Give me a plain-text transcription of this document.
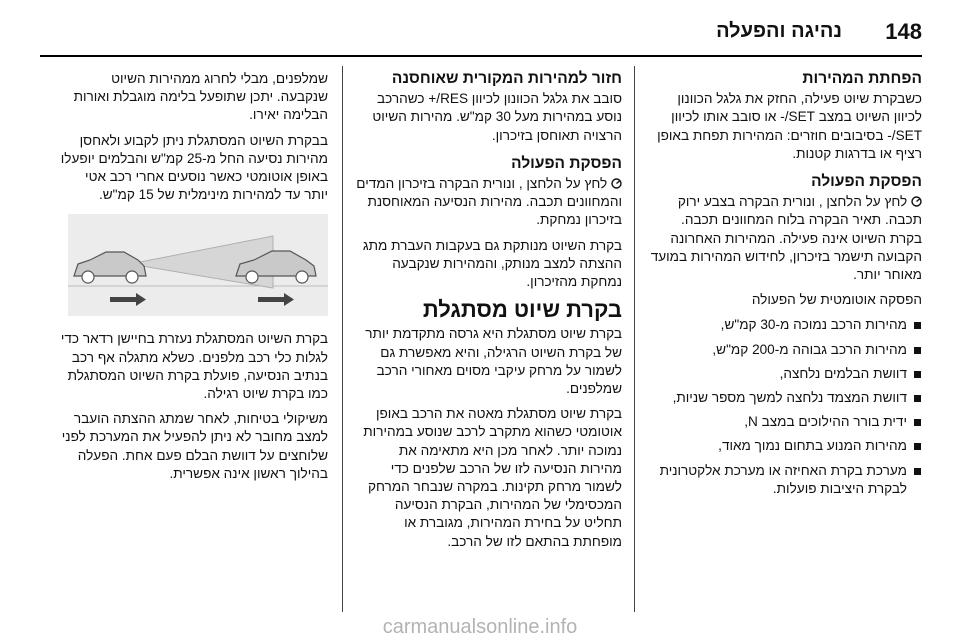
148
נהיגה והפעלה
הפחתת המהירות

כשבקרת שיוט פעילה, החזק את גלגל הכוונון לכיוון השיוט במצב SET/- או סובב אותו לכיוון SET/- בסיבובים חוזרים: המהירות תפחת באופן רציף או בדרגות קטנות.

הפסקת הפעולה

לחץ על הלחצן , ונורית הבקרה בצבע ירוק תכבה. תאיר הבקרה בלוח המחוונים תכבה. בקרת השיוט אינה פעילה. המהירות האחרונה הקבועה תישמר בזיכרון, לחידוש המהירות במועד מאוחר יותר.

הפסקה אוטומטית של הפעולה

מהירות הרכב נמוכה מ-30 קמ"ש,
מהירות הרכב גבוהה מ-200 קמ"ש,
דוושת הבלמים נלחצה,
דוושת המצמד נלחצה למשך מספר שניות,
ידית בורר ההילוכים במצב N,
מהירות המנוע בתחום נמוך מאוד,
מערכת בקרת האחיזה או מערכת אלקטרונית לבקרת היציבות פועלות.
חזור למהירות המקורית שאוחסנה

סובב את גלגל הכוונון לכיוון RES/+ כשהרכב נוסע במהירות מעל 30 קמ"ש. מהירות השיוט הרצויה תאוחסן בזיכרון.

הפסקת הפעולה

לחץ על הלחצן , ונורית הבקרה בזיכרון המדים והמחוונים תכבה. מהירות הנסיעה המאוחסנת בזיכרון נמחקת.

בקרת השיוט מנותקת גם בעקבות העברת מתג ההצתה למצב מנותק, והמהירות שנקבעה נמחקת מהזיכרון.

בקרת שיוט מסתגלת

בקרת שיוט מסתגלת היא גרסה מתקדמת יותר של בקרת השיוט הרגילה, והיא מאפשרת גם לשמור על מרחק עיקבי מסוים מאחורי הרכב שמלפנים.

בקרת שיוט מסתגלת מאטה את הרכב באופן אוטומטי כשהוא מתקרב לרכב שנוסע במהירות נמוכה יותר. לאחר מכן היא מתאימה את מהירות הנסיעה לזו של הרכב שלפנים כדי לשמור מרחק תקינות. במקרה שנבחר המרחק המכסימלי של המהירות, הבקרת הנסיעה תחליט על בחירת המהירות, מגוברת או מופחתת בהתאם לזו של הרכב.

שמלפנים, מבלי לחרוג ממהירות השיוט שנקבעה. יתכן שתופעל בלימה מוגבלת ואורות הבלימה יאירו.

בבקרת השיוט המסתגלת ניתן לקבוע ולאחסן מהירות נסיעה החל מ-25 קמ"ש והבלמים יופעלו באופן אוטומטי כאשר נוסעים אחרי רכב אטי יותר עד למהירות מינימלית של 15 קמ"ש.

בקרת השיוט המסתגלת נעזרת בחיישן רדאר כדי לגלות כלי רכב מלפנים. כשלא מתגלה אף רכב בנתיב הנסיעה, פועלת בקרת השיוט המסתגלת כמו בקרת שיוט רגילה.

משיקולי בטיחות, לאחר שמתג ההצתה הועבר למצב מחובר לא ניתן להפעיל את המערכת לפני שלוחצים על דוושת הבלם פעם אחת. הפעלה בהילוך ראשון אינה אפשרית.

carmanualsonline.info
